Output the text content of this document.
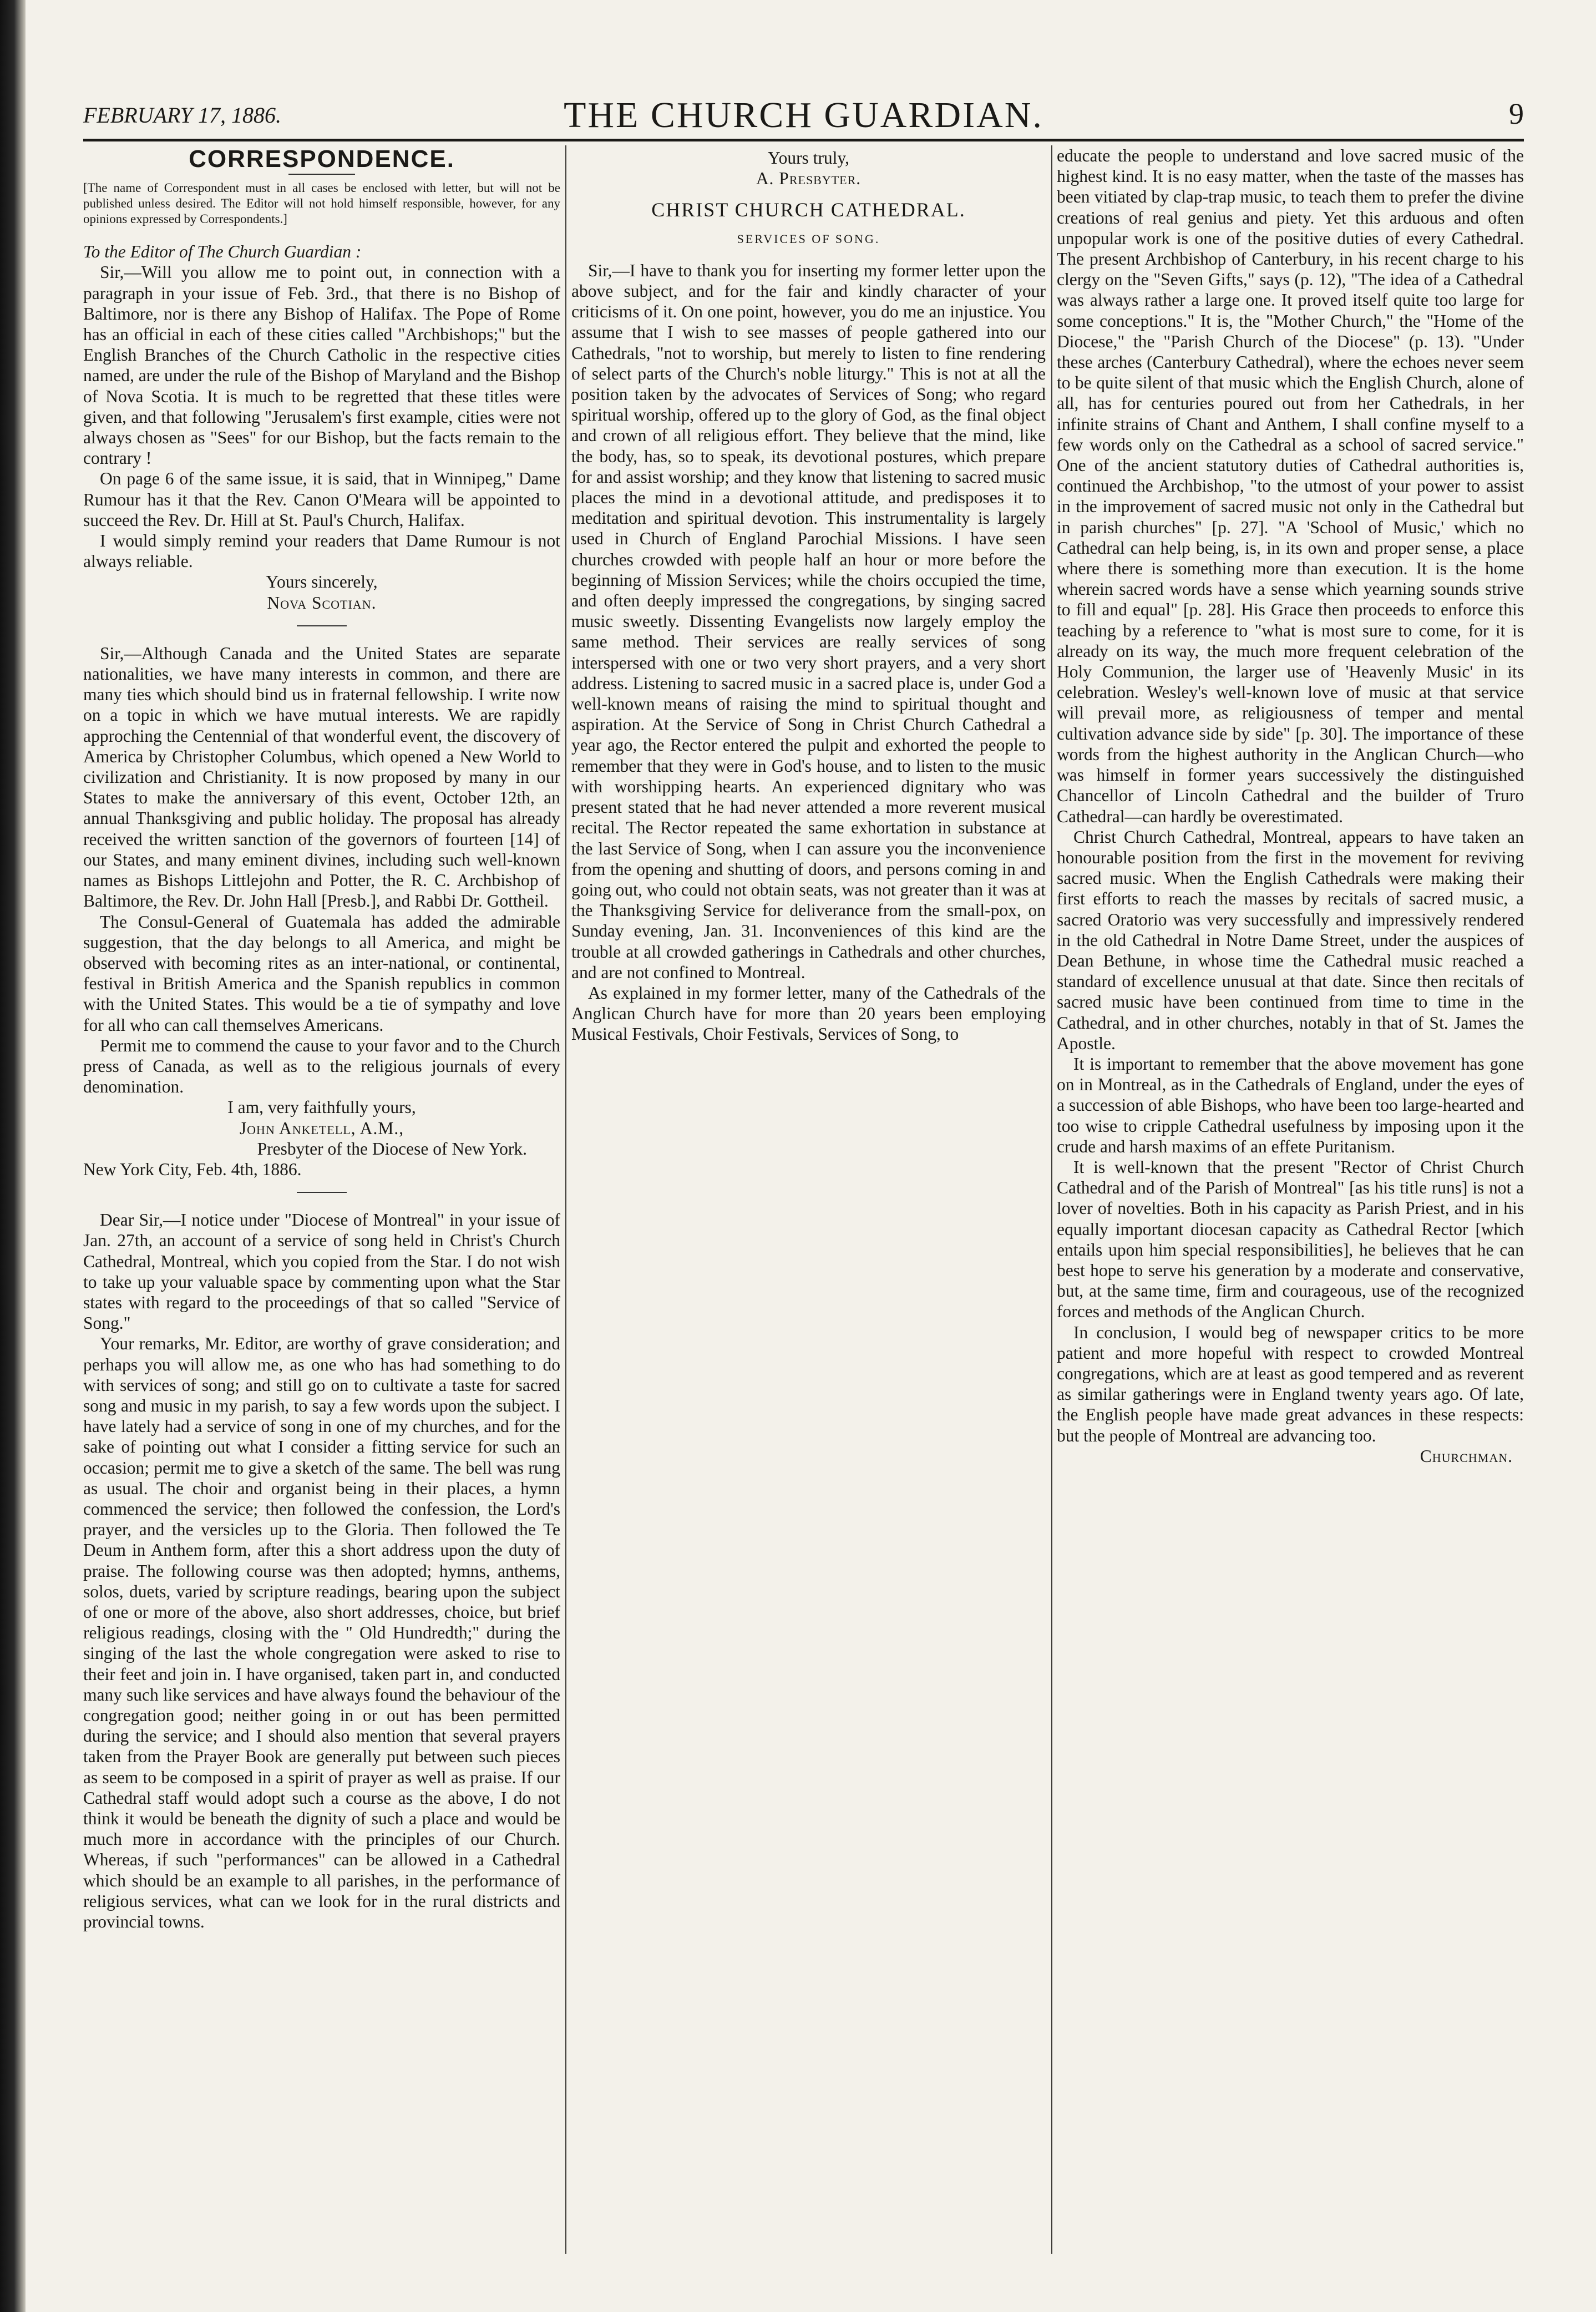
FEBRUARY 17, 1886.	THE CHURCH GUARDIAN.	9
CORRESPONDENCE.
[The name of Correspondent must in all cases be enclosed with letter, but will not be published unless desired. The Editor will not hold himself responsible, however, for any opinions expressed by Correspondents.]

To the Editor of The Church Guardian :

Sir,—Will you allow me to point out, in connection with a paragraph in your issue of Feb. 3rd., that there is no Bishop of Baltimore, nor is there any Bishop of Halifax. The Pope of Rome has an official in each of these cities called "Archbishops;" but the English Branches of the Church Catholic in the respective cities named, are under the rule of the Bishop of Maryland and the Bishop of Nova Scotia. It is much to be regretted that these titles were given, and that following "Jerusalem's first example, cities were not always chosen as "Sees" for our Bishop, but the facts remain to the contrary !

On page 6 of the same issue, it is said, that in Winnipeg," Dame Rumour has it that the Rev. Canon O'Meara will be appointed to succeed the Rev. Dr. Hill at St. Paul's Church, Halifax.

I would simply remind your readers that Dame Rumour is not always reliable.

Yours sincerely,

Nova Scotian.

Sir,—Although Canada and the United States are separate nationalities, we have many interests in common, and there are many ties which should bind us in fraternal fellowship. I write now on a topic in which we have mutual interests. We are rapidly approching the Centennial of that wonderful event, the discovery of America by Christopher Columbus, which opened a New World to civilization and Christianity. It is now proposed by many in our States to make the anniversary of this event, October 12th, an annual Thanksgiving and public holiday. The proposal has already received the written sanction of the governors of fourteen [14] of our States, and many eminent divines, including such well-known names as Bishops Littlejohn and Potter, the R. C. Archbishop of Baltimore, the Rev. Dr. John Hall [Presb.], and Rabbi Dr. Gottheil.

The Consul-General of Guatemala has added the admirable suggestion, that the day belongs to all America, and might be observed with becoming rites as an inter-national, or continental, festival in British America and the Spanish republics in common with the United States. This would be a tie of sympathy and love for all who can call themselves Americans.

Permit me to commend the cause to your favor and to the Church press of Canada, as well as to the religious journals of every denomination.

I am, very faithfully yours,

John Anketell, A.M.,

Presbyter of the Diocese of New York.

New York City, Feb. 4th, 1886.

Dear Sir,—I notice under "Diocese of Montreal" in your issue of Jan. 27th, an account of a service of song held in Christ's Church Cathedral, Montreal, which you copied from the Star. I do not wish to take up your valuable space by commenting upon what the Star states with regard to the proceedings of that so called "Service of Song."

Your remarks, Mr. Editor, are worthy of grave consideration; and perhaps you will allow me, as one who has had something to do with services of song; and still go on to cultivate a taste for sacred song and music in my parish, to say a few words upon the subject. I have lately had a service of song in one of my churches, and for the sake of pointing out what I consider a fitting service for such an occasion; permit me to give a sketch of the same. The bell was rung as usual. The choir and organist being in their places, a hymn commenced the service; then followed the confession, the Lord's prayer, and the versicles up to the Gloria. Then followed the Te Deum in Anthem form, after this a short address upon the duty of praise. The following course was then adopted; hymns, anthems, solos, duets, varied by scripture readings, bearing upon the subject of one or more of the above, also short addresses, choice, but brief religious readings, closing with the " Old Hundredth;" during the singing of the last the whole congregation were asked to rise to their feet and join in. I have organised, taken part in, and conducted many such like services and have always found the behaviour of the congregation good; neither going in or out has been permitted during the service; and I should also mention that several prayers taken from the Prayer Book are generally put between such pieces as seem to be composed in a spirit of prayer as well as praise. If our Cathedral staff would adopt such a course as the above, I do not think it would be beneath the dignity of such a place and would be much more in accordance with the principles of our Church. Whereas, if such "performances" can be allowed in a Cathedral which should be an example to all parishes, in the performance of religious services, what can we look for in the rural districts and provincial towns.

Yours truly,

A. Presbyter.

CHRIST CHURCH CATHEDRAL.
SERVICES OF SONG.

Sir,—I have to thank you for inserting my former letter upon the above subject, and for the fair and kindly character of your criticisms of it. On one point, however, you do me an injustice. You assume that I wish to see masses of people gathered into our Cathedrals, "not to worship, but merely to listen to fine rendering of select parts of the Church's noble liturgy." This is not at all the position taken by the advocates of Services of Song; who regard spiritual worship, offered up to the glory of God, as the final object and crown of all religious effort. They believe that the mind, like the body, has, so to speak, its devotional postures, which prepare for and assist worship; and they know that listening to sacred music places the mind in a devotional attitude, and predisposes it to meditation and spiritual devotion. This instrumentality is largely used in Church of England Parochial Missions. I have seen churches crowded with people half an hour or more before the beginning of Mission Services; while the choirs occupied the time, and often deeply impressed the congregations, by singing sacred music sweetly. Dissenting Evangelists now largely employ the same method. Their services are really services of song interspersed with one or two very short prayers, and a very short address. Listening to sacred music in a sacred place is, under God a well-known means of raising the mind to spiritual thought and aspiration. At the Service of Song in Christ Church Cathedral a year ago, the Rector entered the pulpit and exhorted the people to remember that they were in God's house, and to listen to the music with worshipping hearts. An experienced dignitary who was present stated that he had never attended a more reverent musical recital. The Rector repeated the same exhortation in substance at the last Service of Song, when I can assure you the inconvenience from the opening and shutting of doors, and persons coming in and going out, who could not obtain seats, was not greater than it was at the Thanksgiving Service for deliverance from the small-pox, on Sunday evening, Jan. 31. Inconveniences of this kind are the trouble at all crowded gatherings in Cathedrals and other churches, and are not confined to Montreal.

As explained in my former letter, many of the Cathedrals of the Anglican Church have for more than 20 years been employing Musical Festivals, Choir Festivals, Services of Song, to

educate the people to understand and love sacred music of the highest kind. It is no easy matter, when the taste of the masses has been vitiated by clap-trap music, to teach them to prefer the divine creations of real genius and piety. Yet this arduous and often unpopular work is one of the positive duties of every Cathedral. The present Archbishop of Canterbury, in his recent charge to his clergy on the "Seven Gifts," says (p. 12), "The idea of a Cathedral was always rather a large one. It proved itself quite too large for some conceptions." It is, the "Mother Church," the "Home of the Diocese," the "Parish Church of the Diocese" (p. 13). "Under these arches (Canterbury Cathedral), where the echoes never seem to be quite silent of that music which the English Church, alone of all, has for centuries poured out from her Cathedrals, in her infinite strains of Chant and Anthem, I shall confine myself to a few words only on the Cathedral as a school of sacred service." One of the ancient statutory duties of Cathedral authorities is, continued the Archbishop, "to the utmost of your power to assist in the improvement of sacred music not only in the Cathedral but in parish churches" [p. 27]. "A 'School of Music,' which no Cathedral can help being, is, in its own and proper sense, a place where there is something more than execution. It is the home wherein sacred words have a sense which yearning sounds strive to fill and equal" [p. 28]. His Grace then proceeds to enforce this teaching by a reference to "what is most sure to come, for it is already on its way, the much more frequent celebration of the Holy Communion, the larger use of 'Heavenly Music' in its celebration. Wesley's well-known love of music at that service will prevail more, as religiousness of temper and mental cultivation advance side by side" [p. 30]. The importance of these words from the highest authority in the Anglican Church—who was himself in former years successively the distinguished Chancellor of Lincoln Cathedral and the builder of Truro Cathedral—can hardly be overestimated.

Christ Church Cathedral, Montreal, appears to have taken an honourable position from the first in the movement for reviving sacred music. When the English Cathedrals were making their first efforts to reach the masses by recitals of sacred music, a sacred Oratorio was very successfully and impressively rendered in the old Cathedral in Notre Dame Street, under the auspices of Dean Bethune, in whose time the Cathedral music reached a standard of excellence unusual at that date. Since then recitals of sacred music have been continued from time to time in the Cathedral, and in other churches, notably in that of St. James the Apostle.

It is important to remember that the above movement has gone on in Montreal, as in the Cathedrals of England, under the eyes of a succession of able Bishops, who have been too large-hearted and too wise to cripple Cathedral usefulness by imposing upon it the crude and harsh maxims of an effete Puritanism.

It is well-known that the present "Rector of Christ Church Cathedral and of the Parish of Montreal" [as his title runs] is not a lover of novelties. Both in his capacity as Parish Priest, and in his equally important diocesan capacity as Cathedral Rector [which entails upon him special responsibilities], he believes that he can best hope to serve his generation by a moderate and conservative, but, at the same time, firm and courageous, use of the recognized forces and methods of the Anglican Church.

In conclusion, I would beg of newspaper critics to be more patient and more hopeful with respect to crowded Montreal congregations, which are at least as good tempered and as reverent as similar gatherings were in England twenty years ago. Of late, the English people have made great advances in these respects: but the people of Montreal are advancing too.

Churchman.
